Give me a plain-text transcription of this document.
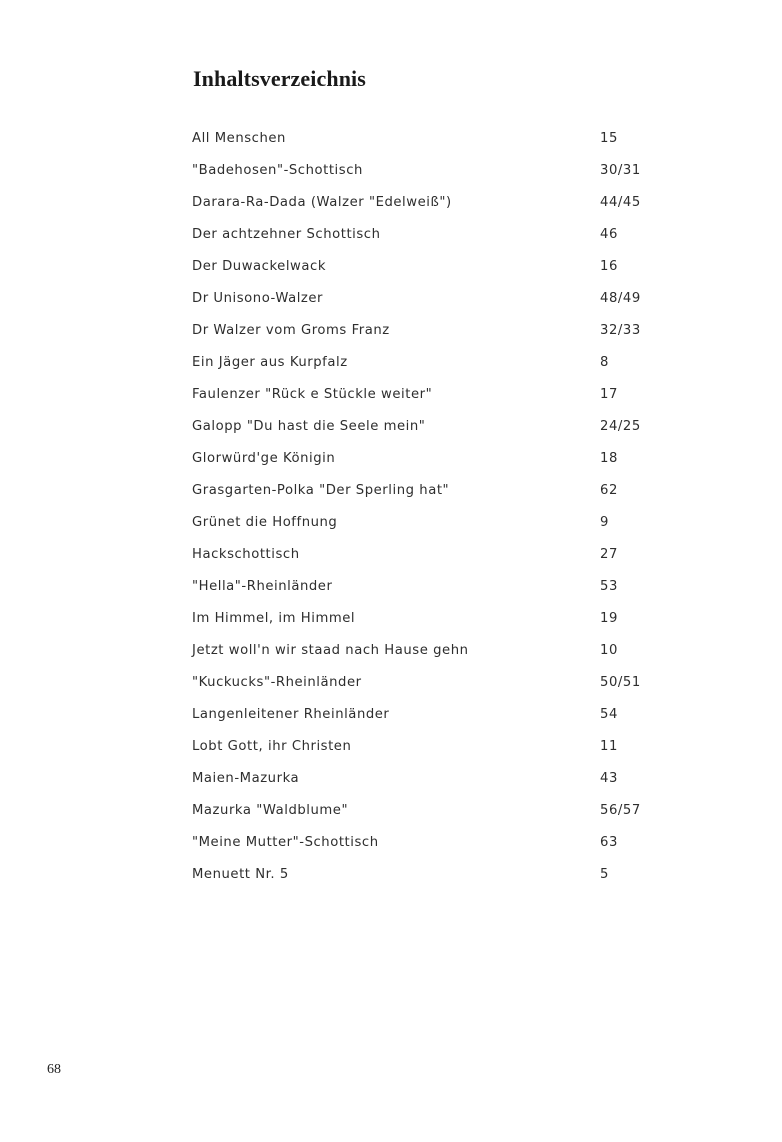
Inhaltsverzeichnis
All Menschen	15
"Badehosen"-Schottisch	30/31
Darara-Ra-Dada (Walzer "Edelweiß")	44/45
Der achtzehner Schottisch	46
Der Duwackelwack	16
Dr Unisono-Walzer	48/49
Dr Walzer vom Groms Franz	32/33
Ein Jäger aus Kurpfalz	8
Faulenzer "Rück e Stückle weiter"	17
Galopp "Du hast die Seele mein"	24/25
Glorwürd'ge Königin	18
Grasgarten-Polka "Der Sperling hat"	62
Grünet die Hoffnung	9
Hackschottisch	27
"Hella"-Rheinländer	53
Im Himmel, im Himmel	19
Jetzt woll'n wir staad nach Hause gehn	10
"Kuckucks"-Rheinländer	50/51
Langenleitener Rheinländer	54
Lobt Gott, ihr Christen	11
Maien-Mazurka	43
Mazurka "Waldblume"	56/57
"Meine Mutter"-Schottisch	63
Menuett Nr. 5	5
68
